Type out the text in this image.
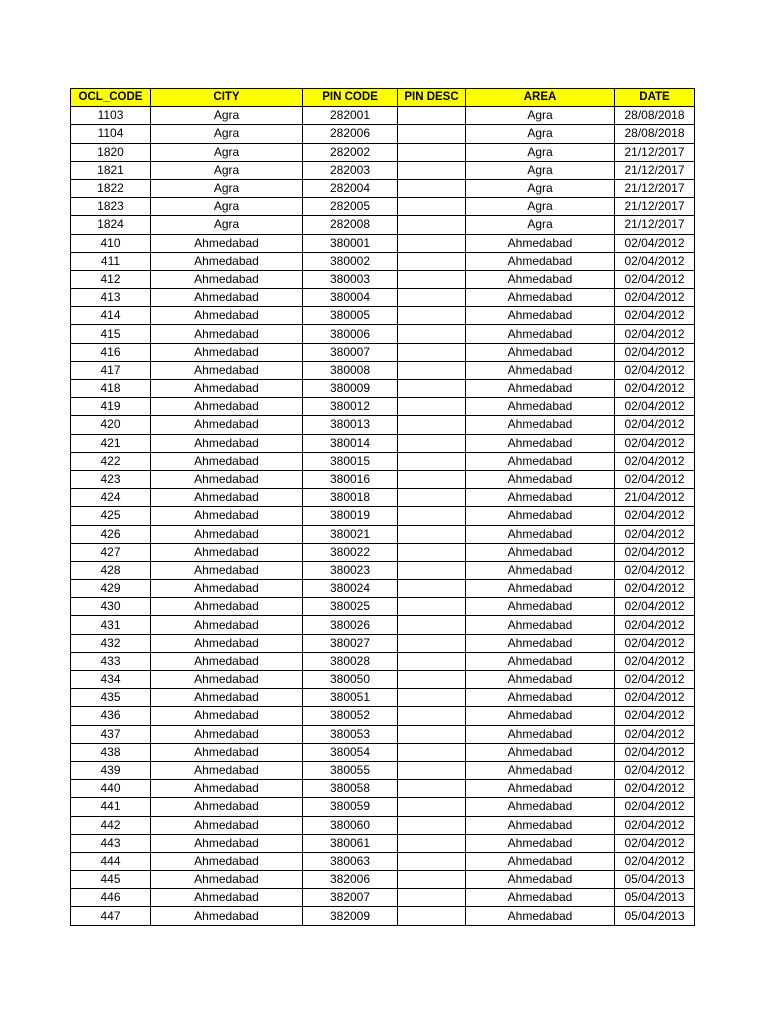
OCL_CODE	CITY	PIN CODE	PIN DESC	AREA	DATE
1103	Agra	282001		Agra	28/08/2018
1104	Agra	282006		Agra	28/08/2018
1820	Agra	282002		Agra	21/12/2017
1821	Agra	282003		Agra	21/12/2017
1822	Agra	282004		Agra	21/12/2017
1823	Agra	282005		Agra	21/12/2017
1824	Agra	282008		Agra	21/12/2017
410	Ahmedabad	380001		Ahmedabad	02/04/2012
411	Ahmedabad	380002		Ahmedabad	02/04/2012
412	Ahmedabad	380003		Ahmedabad	02/04/2012
413	Ahmedabad	380004		Ahmedabad	02/04/2012
414	Ahmedabad	380005		Ahmedabad	02/04/2012
415	Ahmedabad	380006		Ahmedabad	02/04/2012
416	Ahmedabad	380007		Ahmedabad	02/04/2012
417	Ahmedabad	380008		Ahmedabad	02/04/2012
418	Ahmedabad	380009		Ahmedabad	02/04/2012
419	Ahmedabad	380012		Ahmedabad	02/04/2012
420	Ahmedabad	380013		Ahmedabad	02/04/2012
421	Ahmedabad	380014		Ahmedabad	02/04/2012
422	Ahmedabad	380015		Ahmedabad	02/04/2012
423	Ahmedabad	380016		Ahmedabad	02/04/2012
424	Ahmedabad	380018		Ahmedabad	21/04/2012
425	Ahmedabad	380019		Ahmedabad	02/04/2012
426	Ahmedabad	380021		Ahmedabad	02/04/2012
427	Ahmedabad	380022		Ahmedabad	02/04/2012
428	Ahmedabad	380023		Ahmedabad	02/04/2012
429	Ahmedabad	380024		Ahmedabad	02/04/2012
430	Ahmedabad	380025		Ahmedabad	02/04/2012
431	Ahmedabad	380026		Ahmedabad	02/04/2012
432	Ahmedabad	380027		Ahmedabad	02/04/2012
433	Ahmedabad	380028		Ahmedabad	02/04/2012
434	Ahmedabad	380050		Ahmedabad	02/04/2012
435	Ahmedabad	380051		Ahmedabad	02/04/2012
436	Ahmedabad	380052		Ahmedabad	02/04/2012
437	Ahmedabad	380053		Ahmedabad	02/04/2012
438	Ahmedabad	380054		Ahmedabad	02/04/2012
439	Ahmedabad	380055		Ahmedabad	02/04/2012
440	Ahmedabad	380058		Ahmedabad	02/04/2012
441	Ahmedabad	380059		Ahmedabad	02/04/2012
442	Ahmedabad	380060		Ahmedabad	02/04/2012
443	Ahmedabad	380061		Ahmedabad	02/04/2012
444	Ahmedabad	380063		Ahmedabad	02/04/2012
445	Ahmedabad	382006		Ahmedabad	05/04/2013
446	Ahmedabad	382007		Ahmedabad	05/04/2013
447	Ahmedabad	382009		Ahmedabad	05/04/2013
